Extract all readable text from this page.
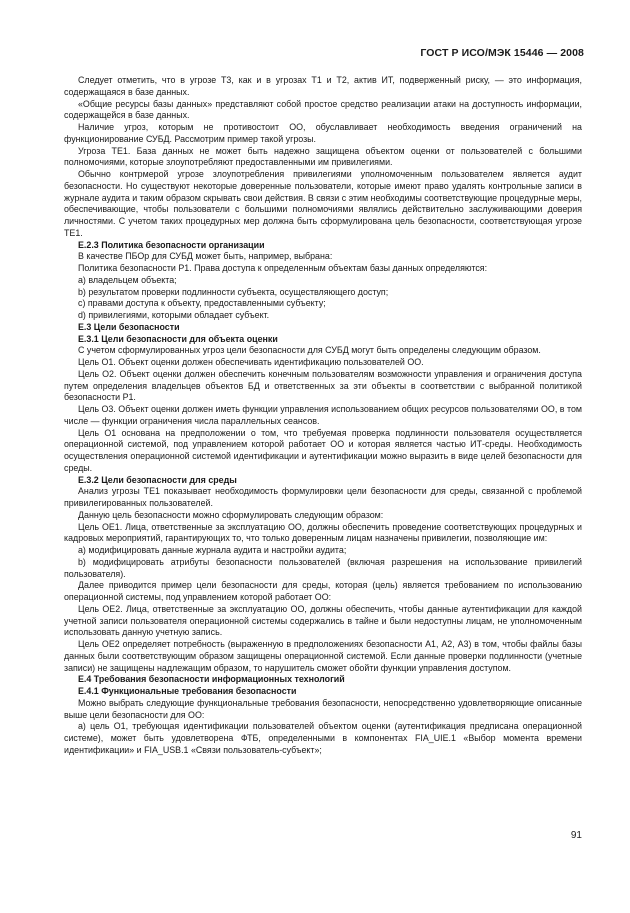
ГОСТ Р ИСО/МЭК 15446 — 2008

Следует отметить, что в угрозе Т3, как и в угрозах Т1 и Т2, актив ИТ, подверженный риску, — это информация, содержащаяся в базе данных.

«Общие ресурсы базы данных» представляют собой простое средство реализации атаки на доступность информации, содержащейся в базе данных.

Наличие угроз, которым не противостоит ОО, обуславливает необходимость введения ограничений на функционирование СУБД. Рассмотрим пример такой угрозы.

Угроза ТЕ1. База данных не может быть надежно защищена объектом оценки от пользователей с большими полномочиями, которые злоупотребляют предоставленными им привилегиями.

Обычно контрмерой угрозе злоупотребления привилегиями уполномоченным пользователем является аудит безопасности. Но существуют некоторые доверенные пользователи, которые имеют право удалять контрольные записи в журнале аудита и таким образом скрывать свои действия. В связи с этим необходимы соответствующие процедурные меры, обеспечивающие, чтобы пользователи с большими полномочиями являлись действительно заслуживающими доверия личностями. С учетом таких процедурных мер должна быть сформулирована цель безопасности, соответствующая угрозе ТЕ1.

Е.2.3 Политика безопасности организации

В качестве ПБОр для СУБД может быть, например, выбрана:

Политика безопасности Р1. Права доступа к определенным объектам базы данных определяются:

а) владельцем объекта;

b) результатом проверки подлинности субъекта, осуществляющего доступ;

c) правами доступа к объекту, предоставленными субъекту;

d) привилегиями, которыми обладает субъект.

Е.3 Цели безопасности

Е.3.1 Цели безопасности для объекта оценки

С учетом сформулированных угроз цели безопасности для СУБД могут быть определены следующим образом.

Цель О1. Объект оценки должен обеспечивать идентификацию пользователей ОО.

Цель О2. Объект оценки должен обеспечить конечным пользователям возможности управления и ограничения доступа путем определения владельцев объектов БД и ответственных за эти объекты в соответствии с выбранной политикой безопасности Р1.

Цель О3. Объект оценки должен иметь функции управления использованием общих ресурсов пользователями ОО, в том числе — функции ограничения числа параллельных сеансов.

Цель О1 основана на предположении о том, что требуемая проверка подлинности пользователя осуществляется операционной системой, под управлением которой работает ОО и которая является частью ИТ-среды. Необходимость осуществления операционной системой идентификации и аутентификации можно выразить в виде целей безопасности для среды.

Е.3.2 Цели безопасности для среды

Анализ угрозы ТЕ1 показывает необходимость формулировки цели безопасности для среды, связанной с проблемой привилегированных пользователей.

Данную цель безопасности можно сформулировать следующим образом:

Цель ОЕ1. Лица, ответственные за эксплуатацию ОО, должны обеспечить проведение соответствующих процедурных и кадровых мероприятий, гарантирующих то, что только доверенным лицам назначены привилегии, позволяющие им:

а) модифицировать данные журнала аудита и настройки аудита;

b) модифицировать атрибуты безопасности пользователей (включая разрешения на использование привилегий пользователя).

Далее приводится пример цели безопасности для среды, которая (цель) является требованием по использованию операционной системы, под управлением которой работает ОО:

Цель ОЕ2. Лица, ответственные за эксплуатацию ОО, должны обеспечить, чтобы данные аутентификации для каждой учетной записи пользователя операционной системы содержались в тайне и были недоступны лицам, не уполномоченным использовать данную учетную запись.

Цель ОЕ2 определяет потребность (выраженную в предположениях безопасности А1, А2, А3) в том, чтобы файлы базы данных были соответствующим образом защищены операционной системой. Если данные проверки подлинности (учетные записи) не защищены надлежащим образом, то нарушитель сможет обойти функции управления доступом.

Е.4 Требования безопасности информационных технологий

Е.4.1 Функциональные требования безопасности

Можно выбрать следующие функциональные требования безопасности, непосредственно удовлетворяющие описанные выше цели безопасности для ОО:

а) цель О1, требующая идентификации пользователей объектом оценки (аутентификация предписана операционной системе), может быть удовлетворена ФТБ, определенными в компонентах FIA_UIE.1 «Выбор момента времени идентификации» и FIA_USB.1 «Связи пользователь-субъект»;

91
